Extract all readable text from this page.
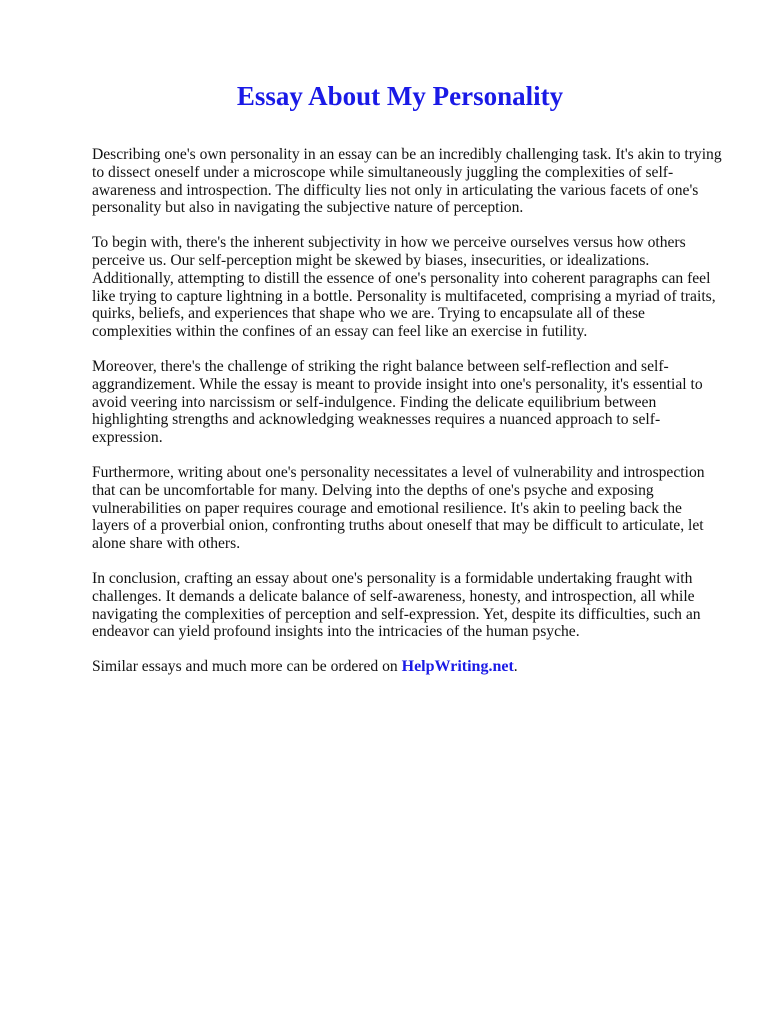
Essay About My Personality

Describing one's own personality in an essay can be an incredibly challenging task. It's akin to trying to dissect oneself under a microscope while simultaneously juggling the complexities of self-awareness and introspection. The difficulty lies not only in articulating the various facets of one's personality but also in navigating the subjective nature of perception.

To begin with, there's the inherent subjectivity in how we perceive ourselves versus how others perceive us. Our self-perception might be skewed by biases, insecurities, or idealizations. Additionally, attempting to distill the essence of one's personality into coherent paragraphs can feel like trying to capture lightning in a bottle. Personality is multifaceted, comprising a myriad of traits, quirks, beliefs, and experiences that shape who we are. Trying to encapsulate all of these complexities within the confines of an essay can feel like an exercise in futility.

Moreover, there's the challenge of striking the right balance between self-reflection and self-aggrandizement. While the essay is meant to provide insight into one's personality, it's essential to avoid veering into narcissism or self-indulgence. Finding the delicate equilibrium between highlighting strengths and acknowledging weaknesses requires a nuanced approach to self-expression.

Furthermore, writing about one's personality necessitates a level of vulnerability and introspection that can be uncomfortable for many. Delving into the depths of one's psyche and exposing vulnerabilities on paper requires courage and emotional resilience. It's akin to peeling back the layers of a proverbial onion, confronting truths about oneself that may be difficult to articulate, let alone share with others.

In conclusion, crafting an essay about one's personality is a formidable undertaking fraught with challenges. It demands a delicate balance of self-awareness, honesty, and introspection, all while navigating the complexities of perception and self-expression. Yet, despite its difficulties, such an endeavor can yield profound insights into the intricacies of the human psyche.

Similar essays and much more can be ordered on HelpWriting.net.
